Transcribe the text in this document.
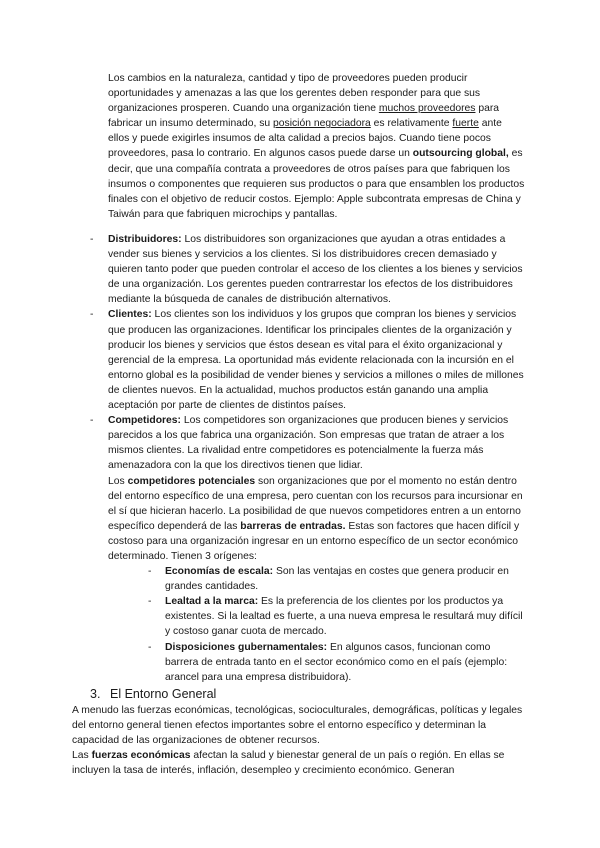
Los cambios en la naturaleza, cantidad y tipo de proveedores pueden producir oportunidades y amenazas a las que los gerentes deben responder para que sus organizaciones prosperen. Cuando una organización tiene muchos proveedores para fabricar un insumo determinado, su posición negociadora es relativamente fuerte ante ellos y puede exigirles insumos de alta calidad a precios bajos. Cuando tiene pocos proveedores, pasa lo contrario. En algunos casos puede darse un outsourcing global, es decir, que una compañía contrata a proveedores de otros países para que fabriquen los insumos o componentes que requieren sus productos o para que ensamblen los productos finales con el objetivo de reducir costos. Ejemplo: Apple subcontrata empresas de China y Taiwán para que fabriquen microchips y pantallas.
- Distribuidores: Los distribuidores son organizaciones que ayudan a otras entidades a vender sus bienes y servicios a los clientes. Si los distribuidores crecen demasiado y quieren tanto poder que pueden controlar el acceso de los clientes a los bienes y servicios de una organización. Los gerentes pueden contrarrestar los efectos de los distribuidores mediante la búsqueda de canales de distribución alternativos.
- Clientes: Los clientes son los individuos y los grupos que compran los bienes y servicios que producen las organizaciones. Identificar los principales clientes de la organización y producir los bienes y servicios que éstos desean es vital para el éxito organizacional y gerencial de la empresa. La oportunidad más evidente relacionada con la incursión en el entorno global es la posibilidad de vender bienes y servicios a millones o miles de millones de clientes nuevos. En la actualidad, muchos productos están ganando una amplia aceptación por parte de clientes de distintos países.
- Competidores: Los competidores son organizaciones que producen bienes y servicios parecidos a los que fabrica una organización. Son empresas que tratan de atraer a los mismos clientes. La rivalidad entre competidores es potencialmente la fuerza más amenazadora con la que los directivos tienen que lidiar.
Los competidores potenciales son organizaciones que por el momento no están dentro del entorno específico de una empresa, pero cuentan con los recursos para incursionar en el sí que hicieran hacerlo. La posibilidad de que nuevos competidores entren a un entorno específico dependerá de las barreras de entradas. Estas son factores que hacen difícil y costoso para una organización ingresar en un entorno específico de un sector económico determinado. Tienen 3 orígenes:
- Economías de escala: Son las ventajas en costes que genera producir en grandes cantidades.
- Lealtad a la marca: Es la preferencia de los clientes por los productos ya existentes. Si la lealtad es fuerte, a una nueva empresa le resultará muy difícil y costoso ganar cuota de mercado.
- Disposiciones gubernamentales: En algunos casos, funcionan como barrera de entrada tanto en el sector económico como en el país (ejemplo: arancel para una empresa distribuidora).
3. El Entorno General
A menudo las fuerzas económicas, tecnológicas, socioculturales, demográficas, políticas y legales del entorno general tienen efectos importantes sobre el entorno específico y determinan la capacidad de las organizaciones de obtener recursos.
Las fuerzas económicas afectan la salud y bienestar general de un país o región. En ellas se incluyen la tasa de interés, inflación, desempleo y crecimiento económico. Generan
